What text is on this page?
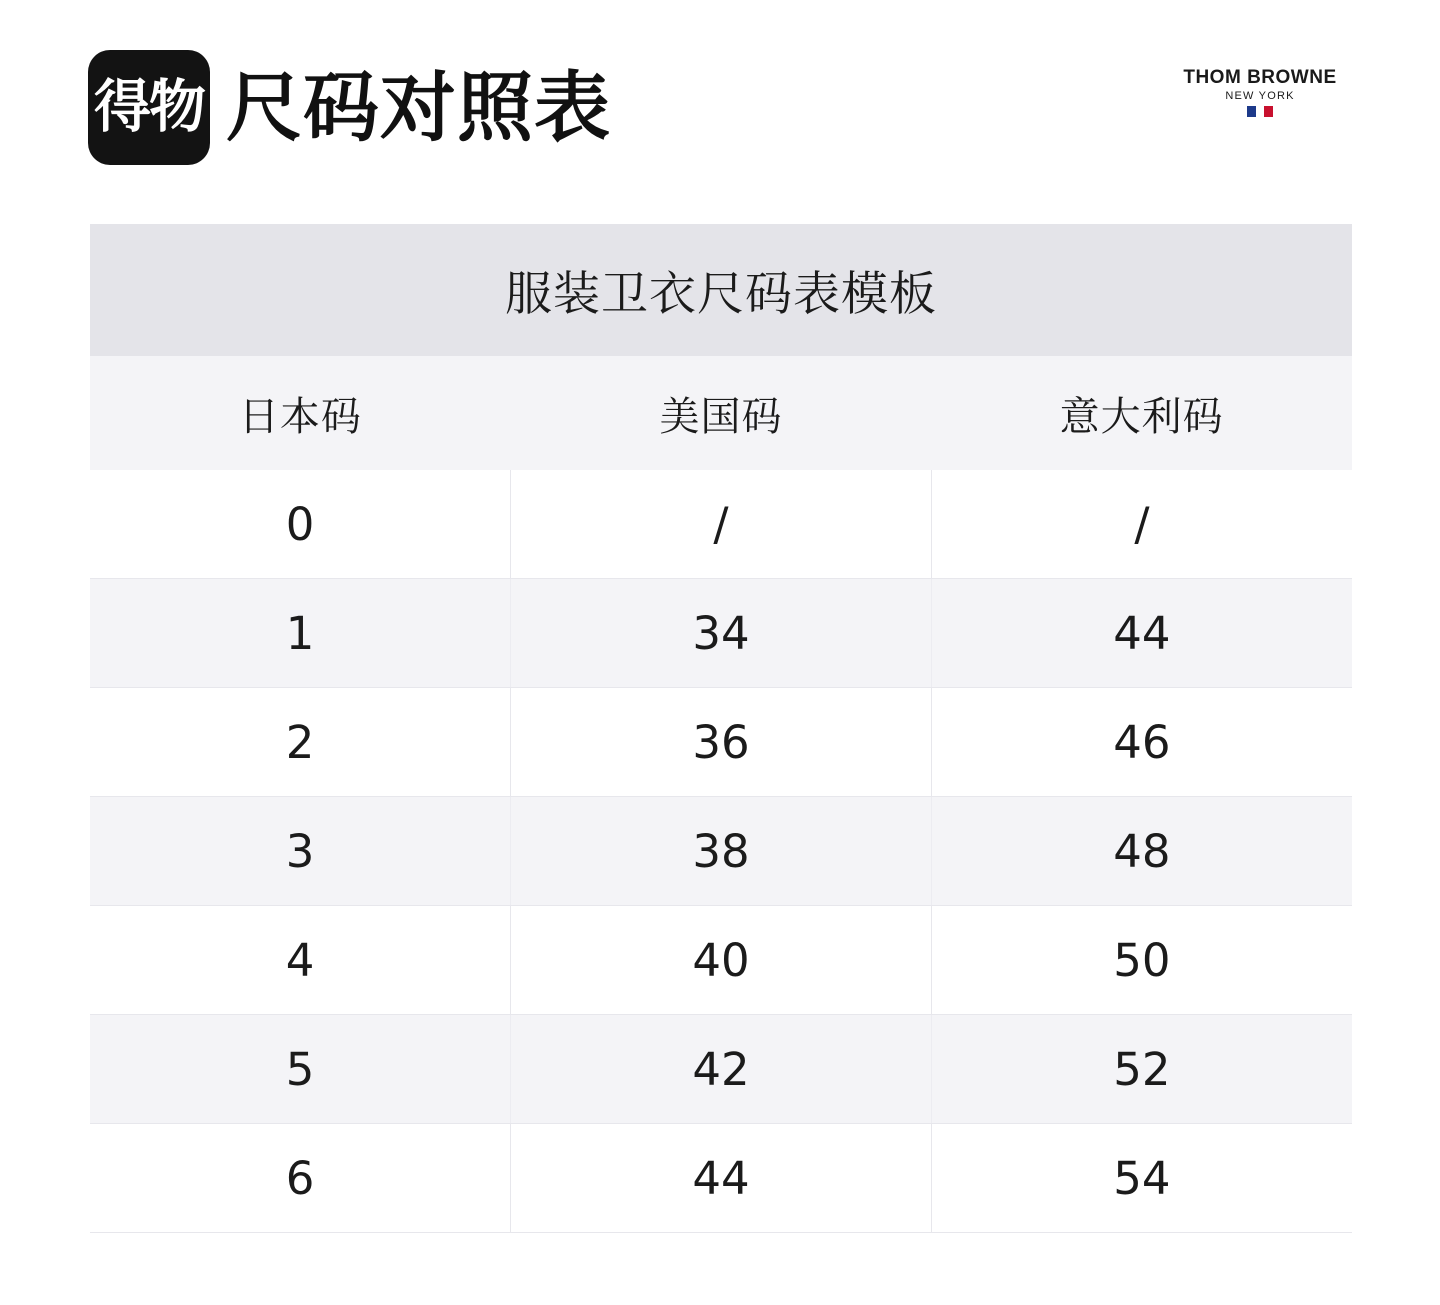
得物 尺码对照表	THOM BROWNE
NEW YORK
服装卫衣尺码表模板
日本码	美国码	意大利码
0	/	/
1	34	44
2	36	46
3	38	48
4	40	50
5	42	52
6	44	54
